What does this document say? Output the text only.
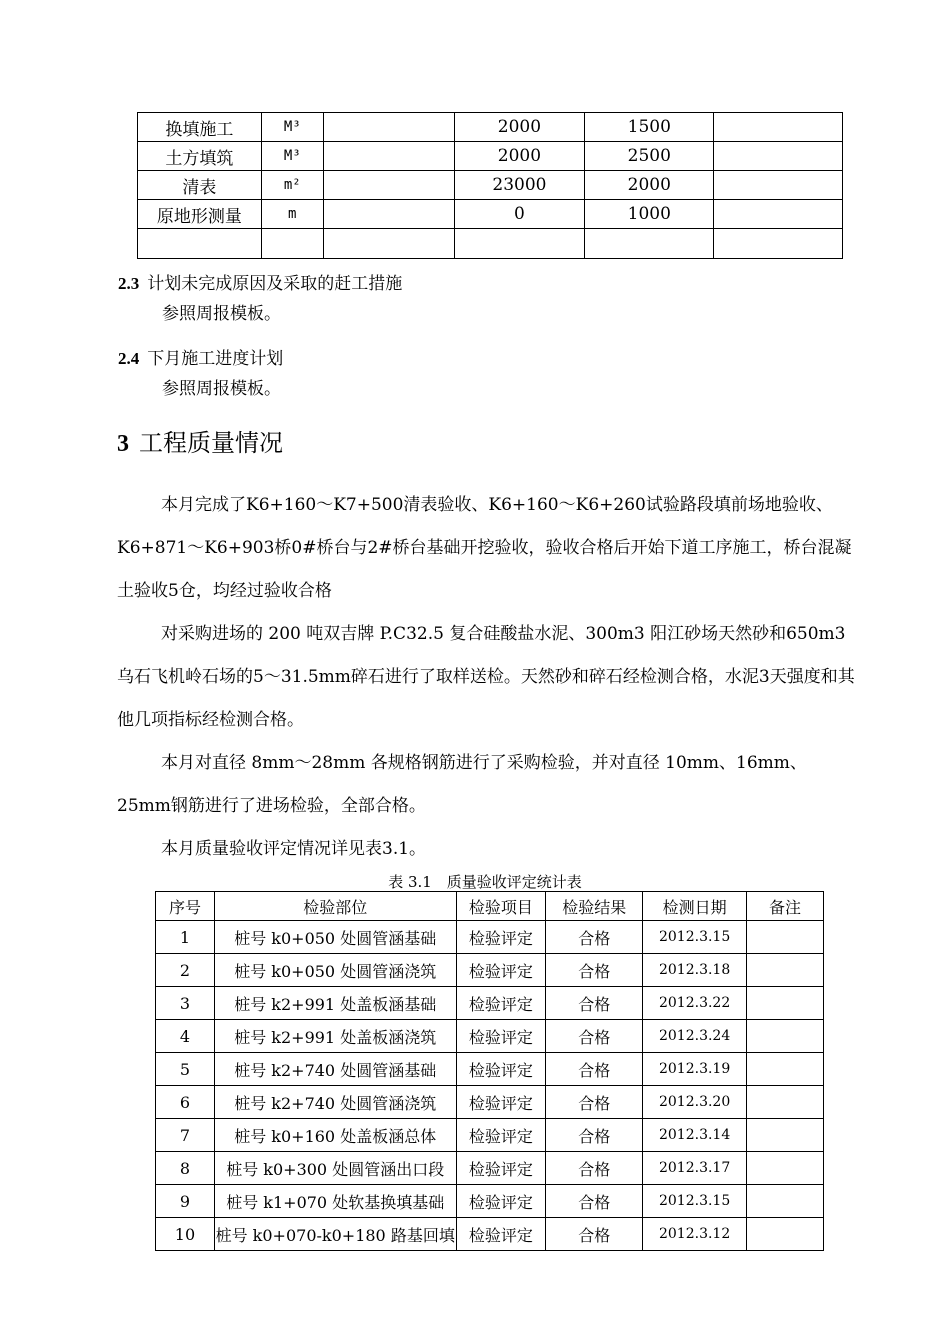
换填施工	M³		2000	1500	
土方填筑	M³		2000	2500	
清表	m²		23000	2000	
原地形测量	m		0	1000	

2.3 计划未完成原因及采取的赶工措施
参照周报模板。
2.4 下月施工进度计划
参照周报模板。
3 工程质量情况
本月完成了K6+160～K7+500清表验收、K6+160～K6+260试验路段填前场地验收、K6+871～K6+903桥0#桥台与2#桥台基础开挖验收，验收合格后开始下道工序施工，桥台混凝土验收5仓，均经过验收合格
对采购进场的 200 吨双吉牌 P.C32.5 复合硅酸盐水泥、300m3 阳江砂场天然砂和650m3乌石飞机岭石场的5～31.5mm碎石进行了取样送检。天然砂和碎石经检测合格，水泥3天强度和其他几项指标经检测合格。
本月对直径 8mm～28mm 各规格钢筋进行了采购检验，并对直径 10mm、16mm、25mm钢筋进行了进场检验，全部合格。
本月质量验收评定情况详见表3.1。
表 3.1　质量验收评定统计表
序号	检验部位	检验项目	检验结果	检测日期	备注
1	桩号 k0+050 处圆管涵基础	检验评定	合格	2012.3.15	
2	桩号 k0+050 处圆管涵浇筑	检验评定	合格	2012.3.18	
3	桩号 k2+991 处盖板涵基础	检验评定	合格	2012.3.22	
4	桩号 k2+991 处盖板涵浇筑	检验评定	合格	2012.3.24	
5	桩号 k2+740 处圆管涵基础	检验评定	合格	2012.3.19	
6	桩号 k2+740 处圆管涵浇筑	检验评定	合格	2012.3.20	
7	桩号 k0+160 处盖板涵总体	检验评定	合格	2012.3.14	
8	桩号 k0+300 处圆管涵出口段	检验评定	合格	2012.3.17	
9	桩号 k1+070 处软基换填基础	检验评定	合格	2012.3.15	
10	桩号 k0+070-k0+180 路基回填	检验评定	合格	2012.3.12	
